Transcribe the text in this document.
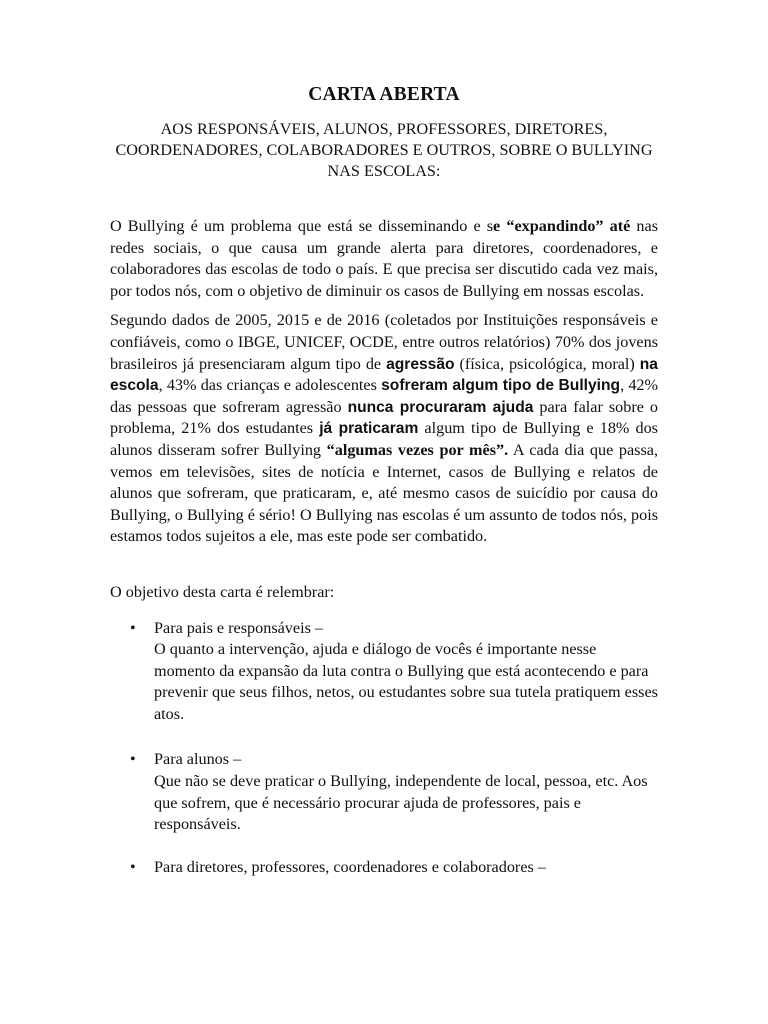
CARTA ABERTA

AOS RESPONSÁVEIS, ALUNOS, PROFESSORES, DIRETORES, COORDENADORES, COLABORADORES E OUTROS, SOBRE O BULLYING NAS ESCOLAS:

O Bullying é um problema que está se disseminando e se “expandindo” até nas redes sociais, o que causa um grande alerta para diretores, coordenadores, e colaboradores das escolas de todo o país. E que precisa ser discutido cada vez mais, por todos nós, com o objetivo de diminuir os casos de Bullying em nossas escolas.

Segundo dados de 2005, 2015 e de 2016 (coletados por Instituições responsáveis e confiáveis, como o IBGE, UNICEF, OCDE, entre outros relatórios) 70% dos jovens brasileiros já presenciaram algum tipo de agressão (física, psicológica, moral) na escola, 43% das crianças e adolescentes sofreram algum tipo de Bullying, 42% das pessoas que sofreram agressão nunca procuraram ajuda para falar sobre o problema, 21% dos estudantes já praticaram algum tipo de Bullying e 18% dos alunos disseram sofrer Bullying “algumas vezes por mês”. A cada dia que passa, vemos em televisões, sites de notícia e Internet, casos de Bullying e relatos de alunos que sofreram, que praticaram, e, até mesmo casos de suicídio por causa do Bullying, o Bullying é sério! O Bullying nas escolas é um assunto de todos nós, pois estamos todos sujeitos a ele, mas este pode ser combatido.

O objetivo desta carta é relembrar:

• Para pais e responsáveis –
O quanto a intervenção, ajuda e diálogo de vocês é importante nesse momento da expansão da luta contra o Bullying que está acontecendo e para prevenir que seus filhos, netos, ou estudantes sobre sua tutela pratiquem esses atos.
• Para alunos –
Que não se deve praticar o Bullying, independente de local, pessoa, etc. Aos que sofrem, que é necessário procurar ajuda de professores, pais e responsáveis.
• Para diretores, professores, coordenadores e colaboradores –
